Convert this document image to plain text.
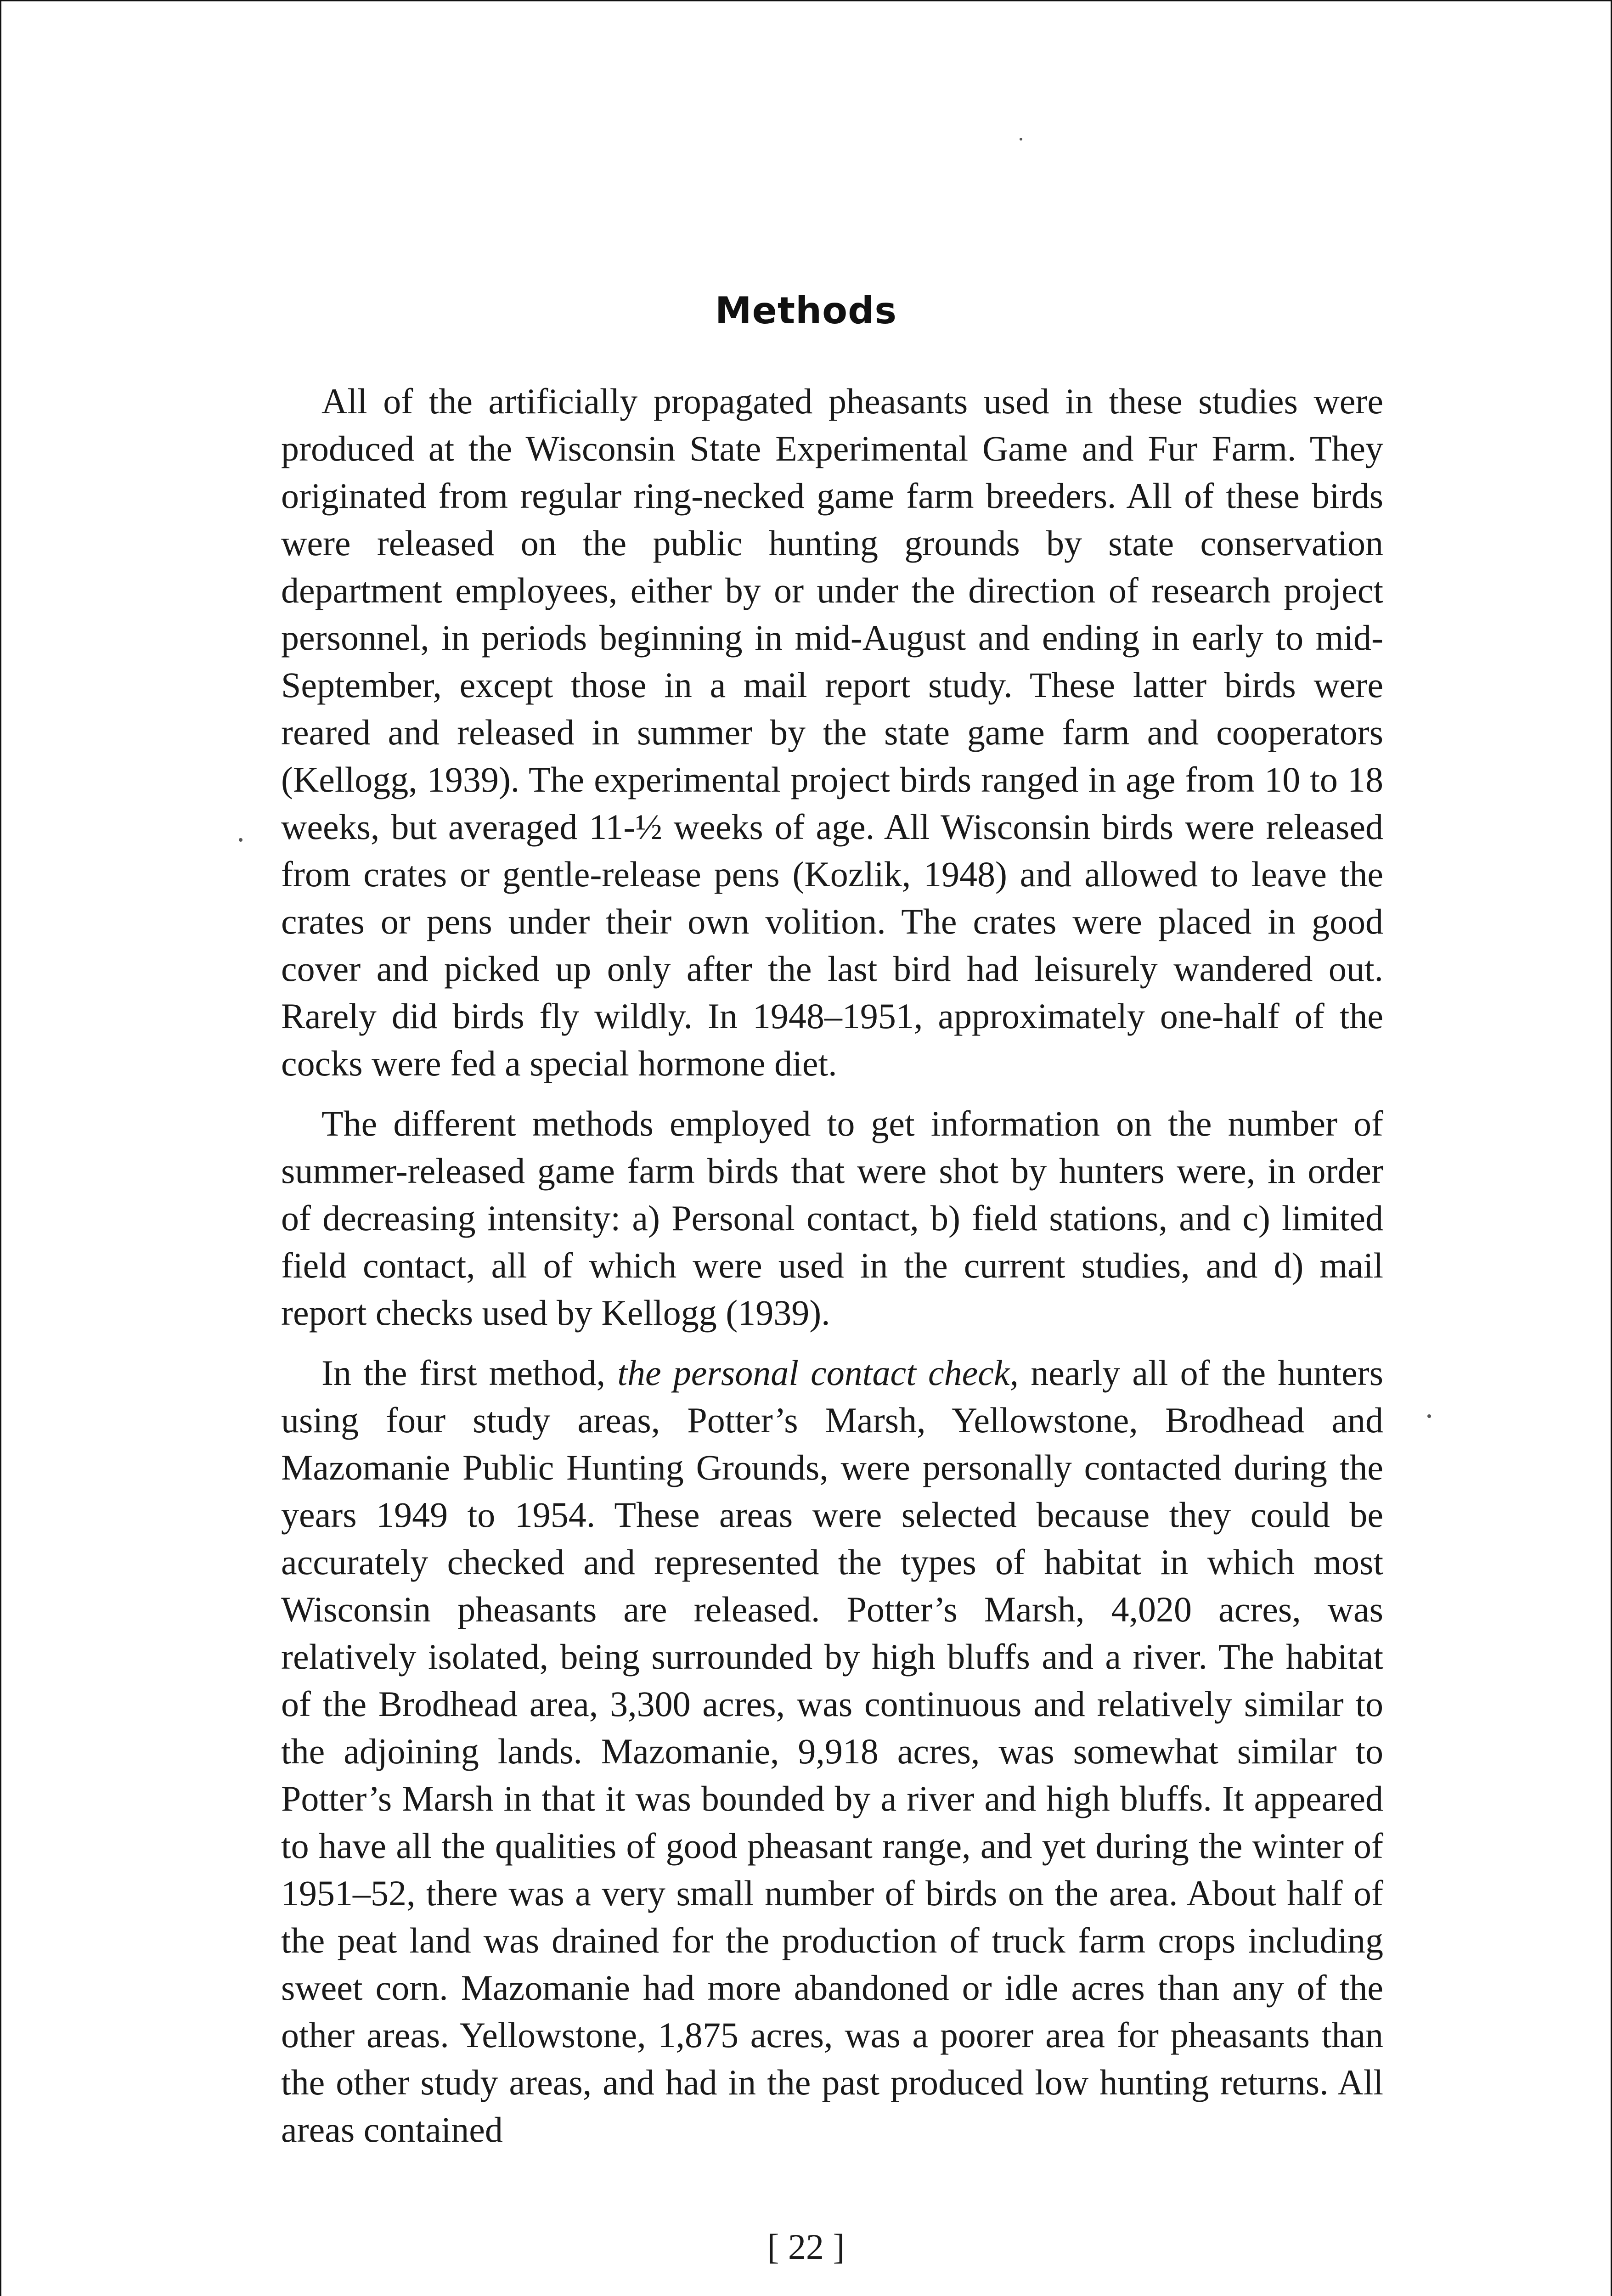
Methods

All of the artificially propagated pheasants used in these studies were produced at the Wisconsin State Experimental Game and Fur Farm. They originated from regular ring-necked game farm breeders. All of these birds were released on the public hunting grounds by state conservation department employees, either by or under the direction of research project personnel, in periods beginning in mid-August and ending in early to mid-September, except those in a mail report study. These latter birds were reared and released in summer by the state game farm and cooperators (Kellogg, 1939). The experimental project birds ranged in age from 10 to 18 weeks, but averaged 11-½ weeks of age. All Wisconsin birds were released from crates or gentle-release pens (Kozlik, 1948) and allowed to leave the crates or pens under their own volition. The crates were placed in good cover and picked up only after the last bird had leisurely wandered out. Rarely did birds fly wildly. In 1948–1951, approximately one-half of the cocks were fed a special hormone diet.

The different methods employed to get information on the number of summer-released game farm birds that were shot by hunters were, in order of decreasing intensity: a) Personal contact, b) field stations, and c) limited field contact, all of which were used in the current studies, and d) mail report checks used by Kellogg (1939).

In the first method, the personal contact check, nearly all of the hunters using four study areas, Potter’s Marsh, Yellowstone, Brodhead and Mazomanie Public Hunting Grounds, were personally contacted during the years 1949 to 1954. These areas were selected because they could be accurately checked and represented the types of habitat in which most Wisconsin pheasants are released. Potter’s Marsh, 4,020 acres, was relatively isolated, being surrounded by high bluffs and a river. The habitat of the Brodhead area, 3,300 acres, was continuous and relatively similar to the adjoining lands. Mazomanie, 9,918 acres, was somewhat similar to Potter’s Marsh in that it was bounded by a river and high bluffs. It appeared to have all the qualities of good pheasant range, and yet during the winter of 1951–52, there was a very small number of birds on the area. About half of the peat land was drained for the production of truck farm crops including sweet corn. Mazomanie had more abandoned or idle acres than any of the other areas. Yellowstone, 1,875 acres, was a poorer area for pheasants than the other study areas, and had in the past produced low hunting returns. All areas contained

[ 22 ]
